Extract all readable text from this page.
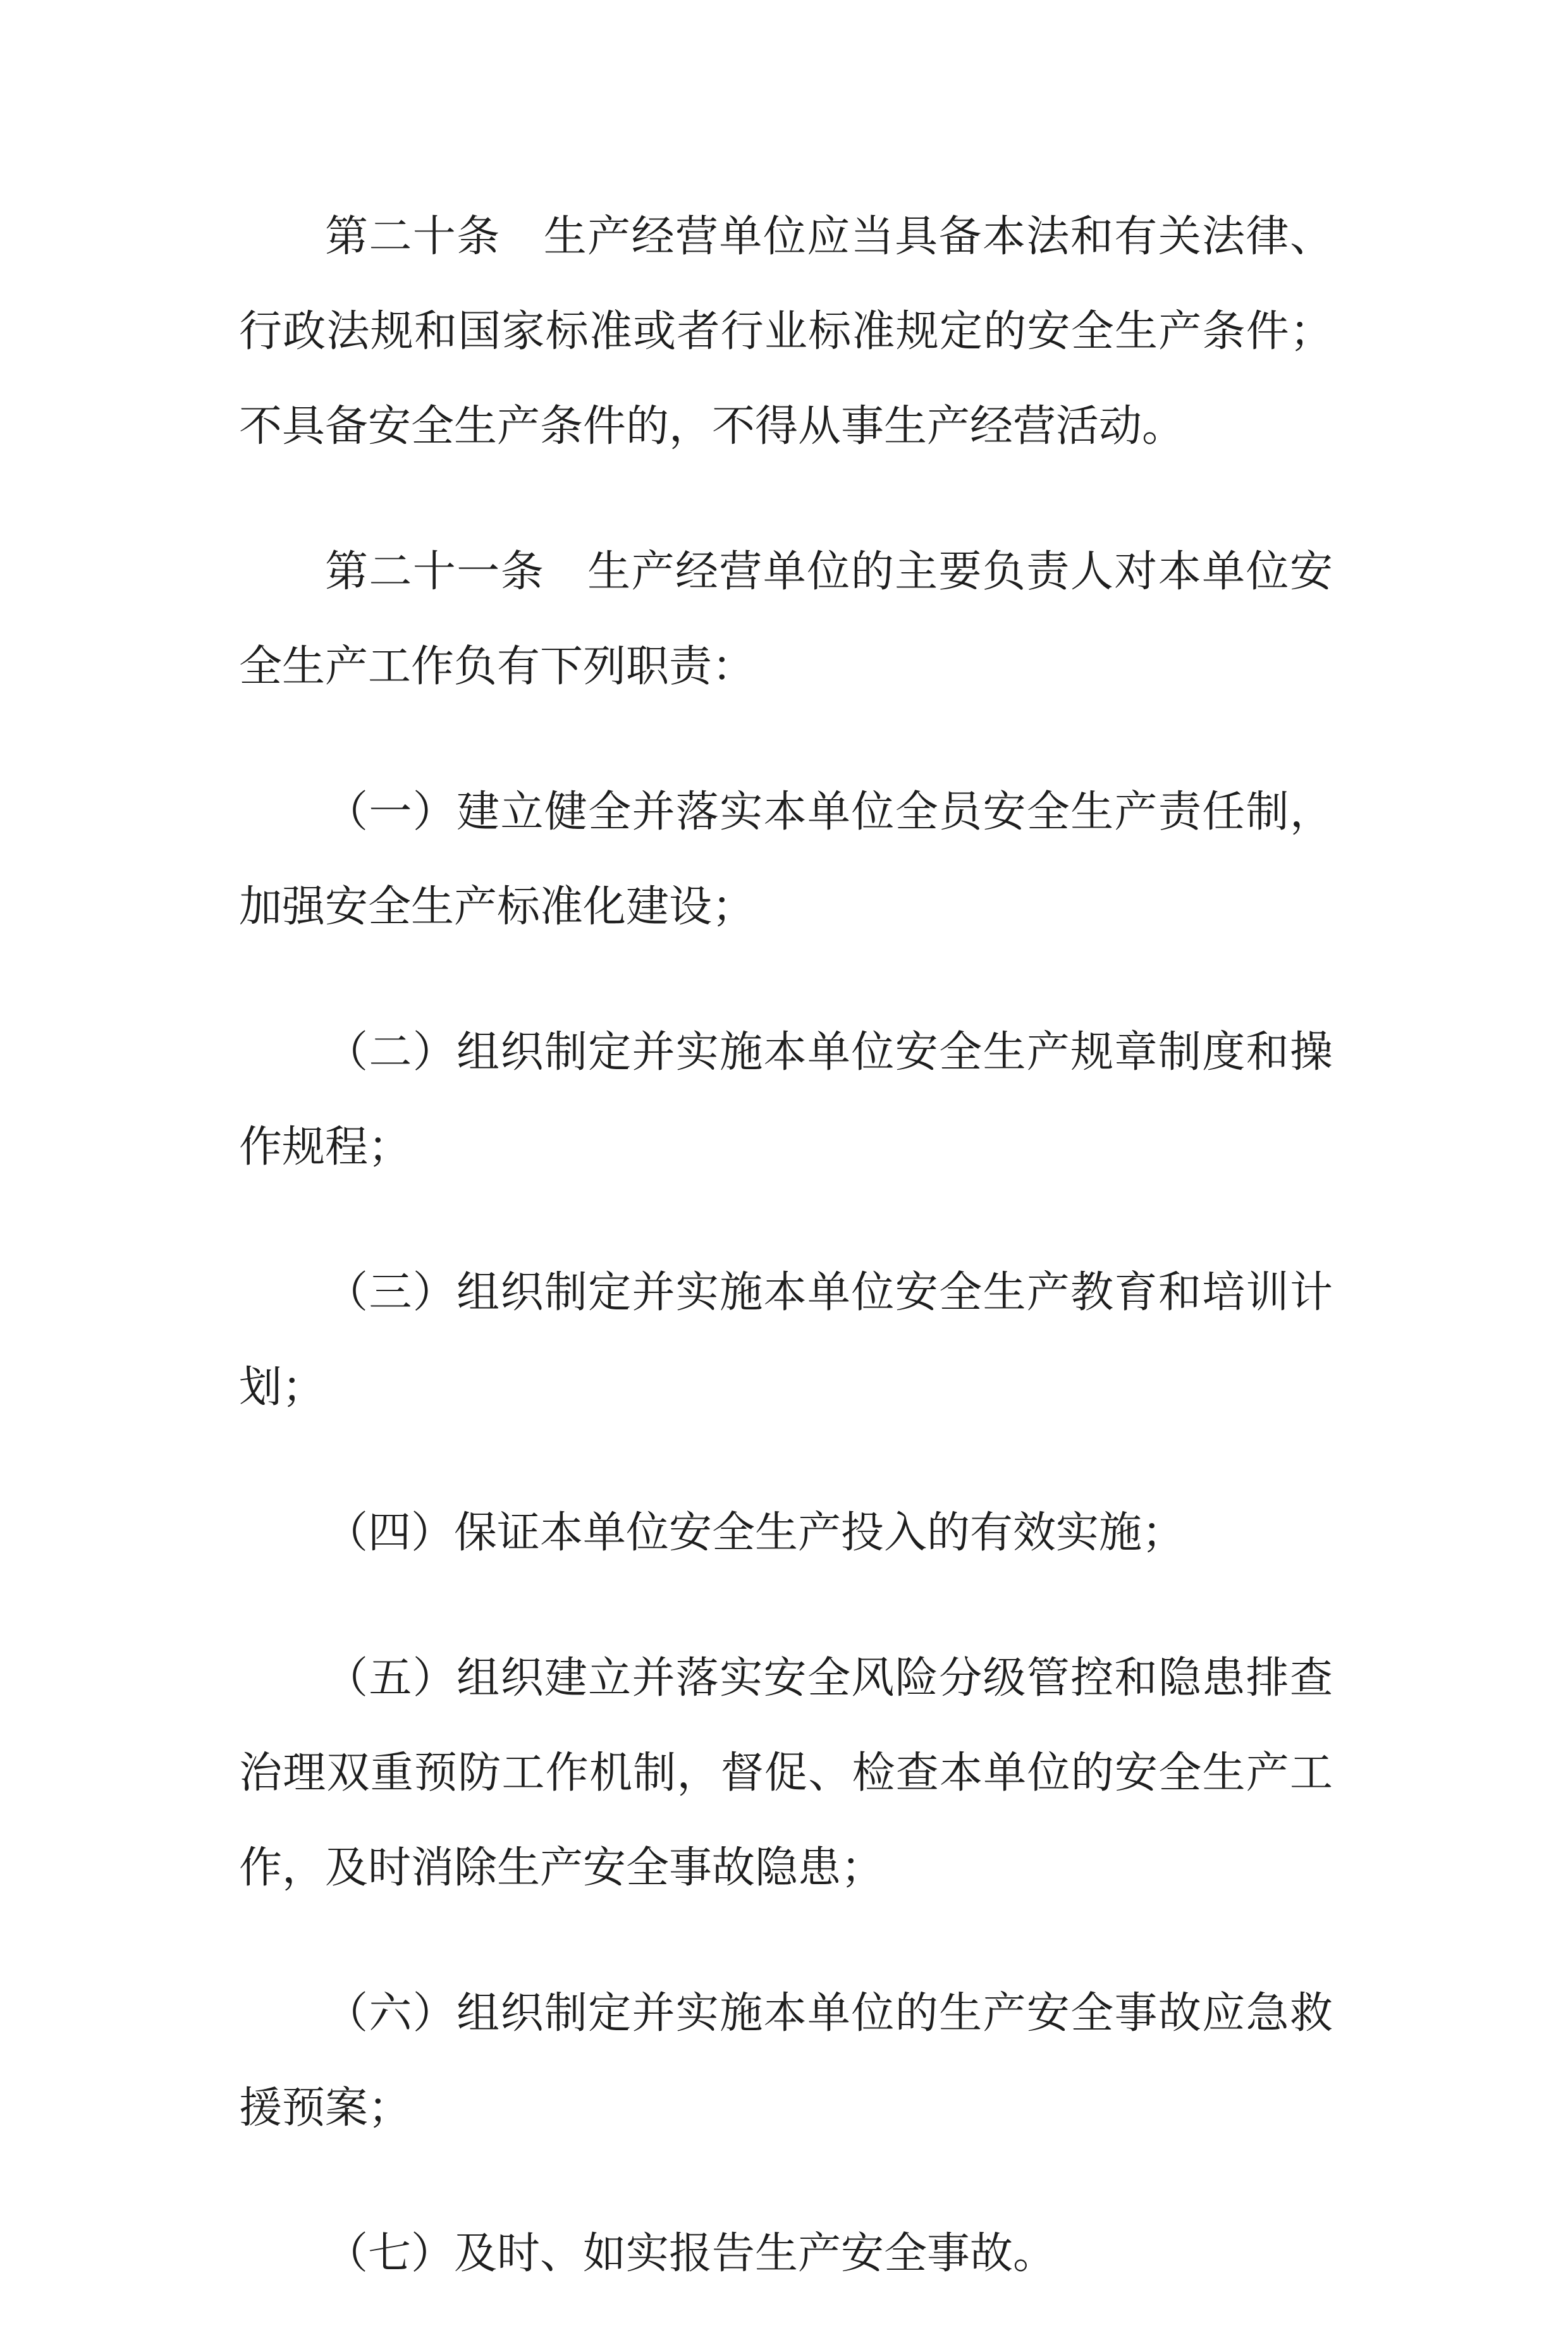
第二十条 生产经营单位应当具备本法和有关法律、行政法规和国家标准或者行业标准规定的安全生产条件；不具备安全生产条件的，不得从事生产经营活动。

第二十一条 生产经营单位的主要负责人对本单位安全生产工作负有下列职责：

（一）建立健全并落实本单位全员安全生产责任制，加强安全生产标准化建设；

（二）组织制定并实施本单位安全生产规章制度和操作规程；

（三）组织制定并实施本单位安全生产教育和培训计划；

（四）保证本单位安全生产投入的有效实施；

（五）组织建立并落实安全风险分级管控和隐患排查治理双重预防工作机制，督促、检查本单位的安全生产工作，及时消除生产安全事故隐患；

（六）组织制定并实施本单位的生产安全事故应急救援预案；

（七）及时、如实报告生产安全事故。
